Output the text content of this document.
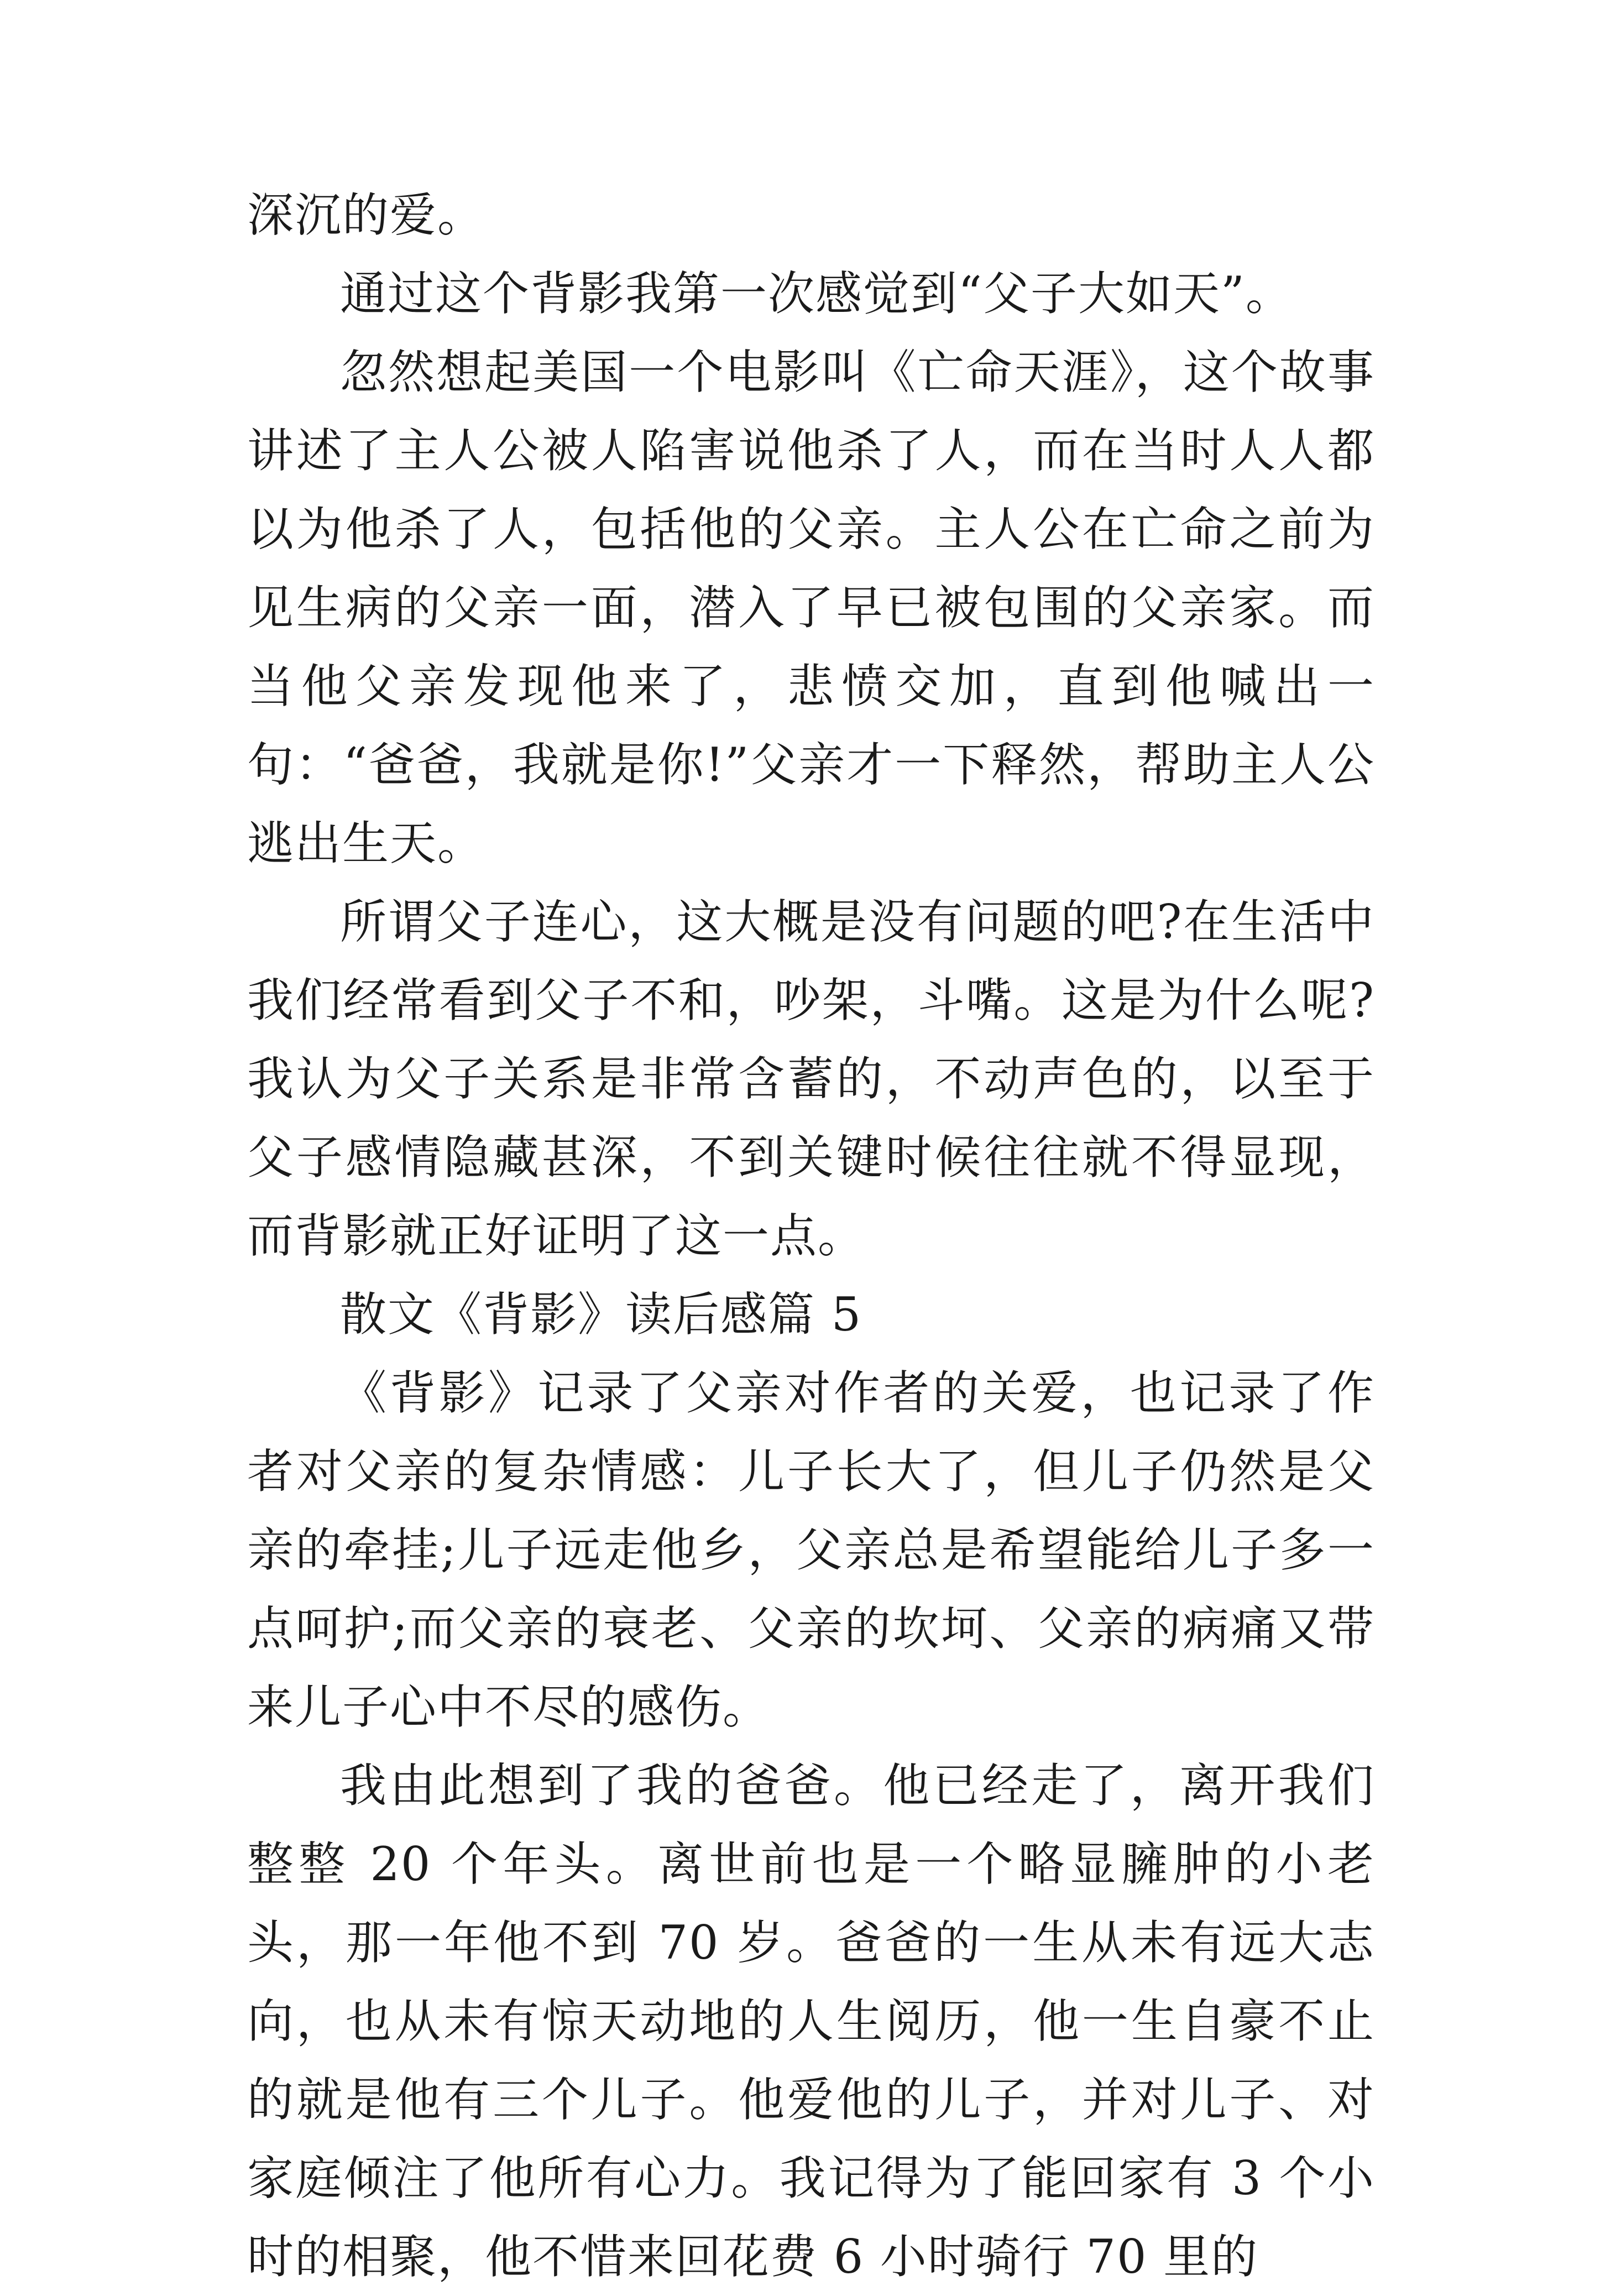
深沉的爱。

通过这个背影我第一次感觉到“父子大如天”。

忽然想起美国一个电影叫《亡命天涯》，这个故事讲述了主人公被人陷害说他杀了人，而在当时人人都以为他杀了人，包括他的父亲。主人公在亡命之前为见生病的父亲一面，潜入了早已被包围的父亲家。而当他父亲发现他来了，悲愤交加，直到他喊出一句：“爸爸，我就是你!”父亲才一下释然，帮助主人公逃出生天。

所谓父子连心，这大概是没有问题的吧?在生活中我们经常看到父子不和，吵架，斗嘴。这是为什么呢?我认为父子关系是非常含蓄的，不动声色的，以至于父子感情隐藏甚深，不到关键时候往往就不得显现，而背影就正好证明了这一点。

散文《背影》读后感篇 5

《背影》记录了父亲对作者的关爱，也记录了作者对父亲的复杂情感：儿子长大了，但儿子仍然是父亲的牵挂;儿子远走他乡，父亲总是希望能给儿子多一点呵护;而父亲的衰老、父亲的坎坷、父亲的病痛又带来儿子心中不尽的感伤。

我由此想到了我的爸爸。他已经走了，离开我们整整 20 个年头。离世前也是一个略显臃肿的小老头，那一年他不到 70 岁。爸爸的一生从未有远大志向，也从未有惊天动地的人生阅历，他一生自豪不止的就是他有三个儿子。他爱他的儿子，并对儿子、对家庭倾注了他所有心力。我记得为了能回家有 3 个小时的相聚，他不惜来回花费 6 小时骑行 70 里的
